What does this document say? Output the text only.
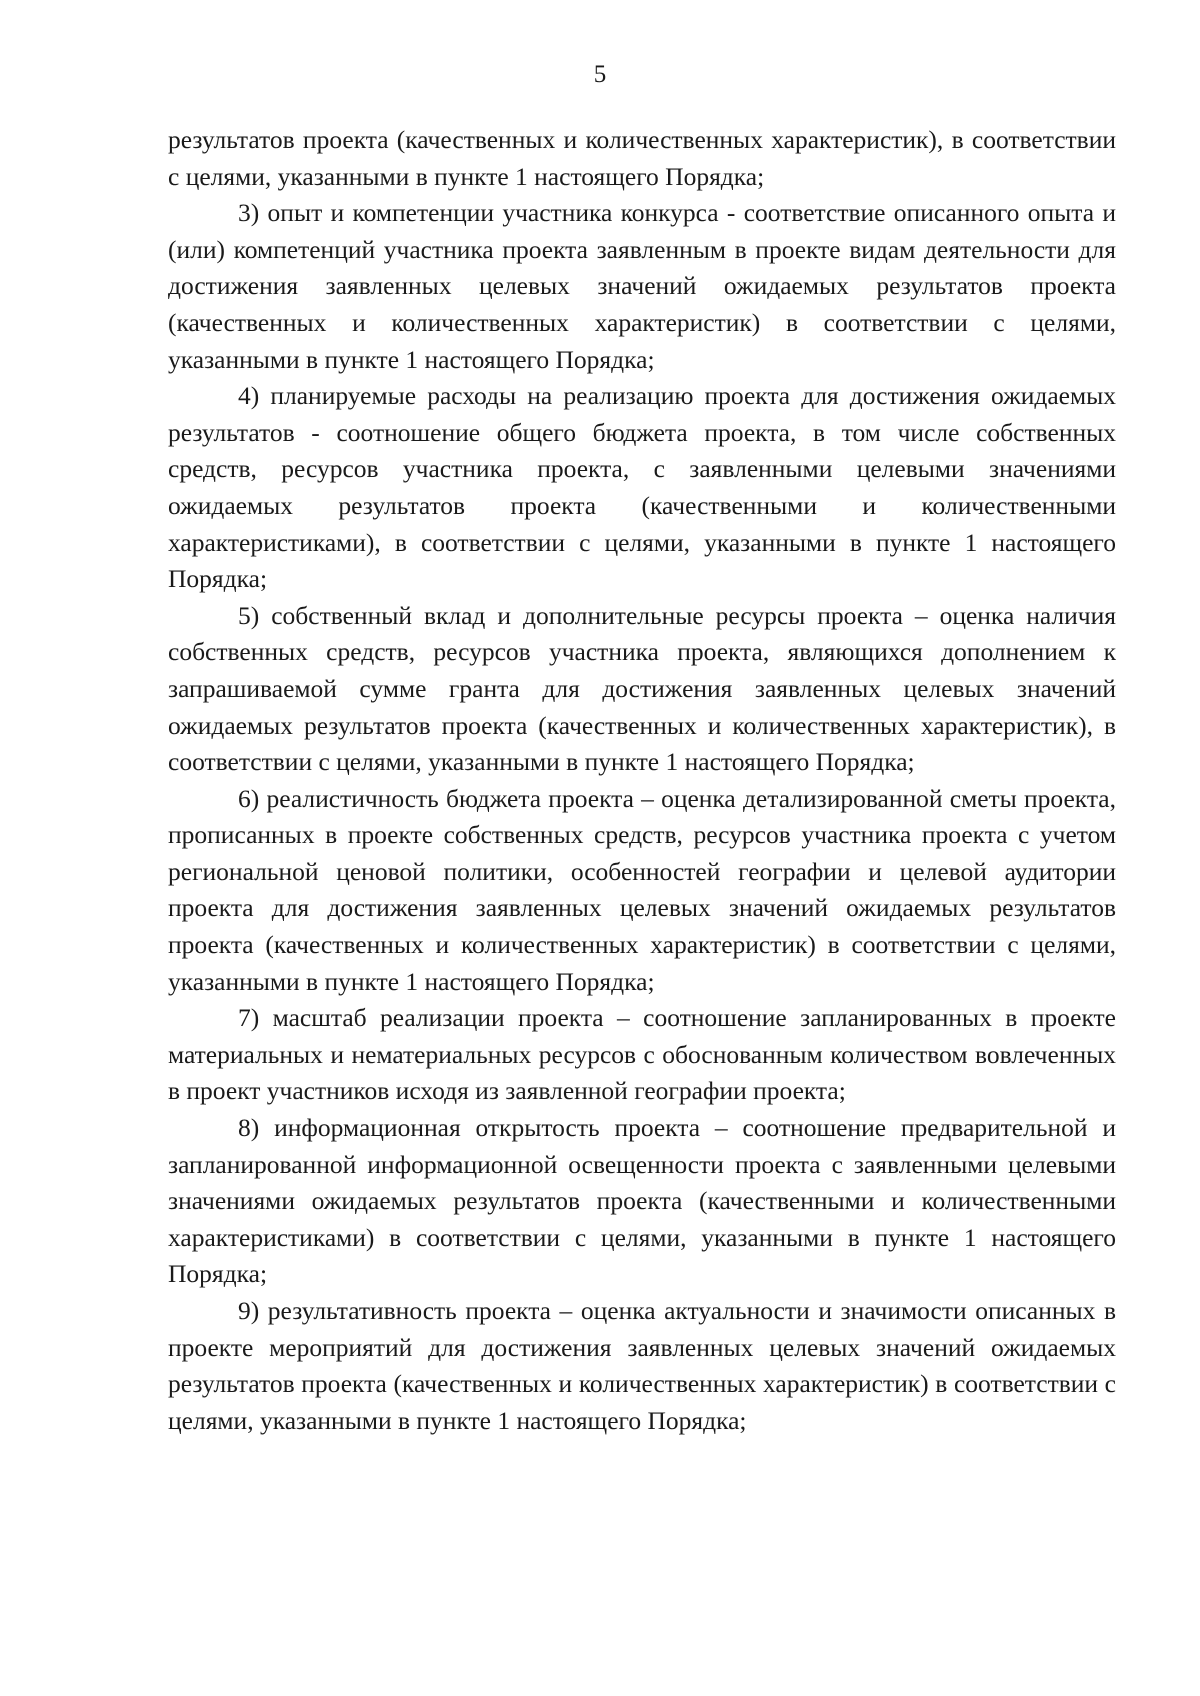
5

результатов проекта (качественных и количественных характеристик), в соответствии с целями, указанными в пункте 1 настоящего Порядка;

3) опыт и компетенции участника конкурса - соответствие описанного опыта и (или) компетенций участника проекта заявленным в проекте видам деятельности для достижения заявленных целевых значений ожидаемых результатов проекта (качественных и количественных характеристик) в соответствии с целями, указанными в пункте 1 настоящего Порядка;

4) планируемые расходы на реализацию проекта для достижения ожидаемых результатов - соотношение общего бюджета проекта, в том числе собственных средств, ресурсов участника проекта, с заявленными целевыми значениями ожидаемых результатов проекта (качественными и количественными характеристиками), в соответствии с целями, указанными в пункте 1 настоящего Порядка;

5) собственный вклад и дополнительные ресурсы проекта – оценка наличия собственных средств, ресурсов участника проекта, являющихся дополнением к запрашиваемой сумме гранта для достижения заявленных целевых значений ожидаемых результатов проекта (качественных и количественных характеристик), в соответствии с целями, указанными в пункте 1 настоящего Порядка;

6) реалистичность бюджета проекта – оценка детализированной сметы проекта, прописанных в проекте собственных средств, ресурсов участника проекта с учетом региональной ценовой политики, особенностей географии и целевой аудитории проекта для достижения заявленных целевых значений ожидаемых результатов проекта (качественных и количественных характеристик) в соответствии с целями, указанными в пункте 1 настоящего Порядка;

7) масштаб реализации проекта – соотношение запланированных в проекте материальных и нематериальных ресурсов с обоснованным количеством вовлеченных в проект участников исходя из заявленной географии проекта;

8) информационная открытость проекта – соотношение предварительной и запланированной информационной освещенности проекта с заявленными целевыми значениями ожидаемых результатов проекта (качественными и количественными характеристиками) в соответствии с целями, указанными в пункте 1 настоящего Порядка;

9) результативность проекта – оценка актуальности и значимости описанных в проекте мероприятий для достижения заявленных целевых значений ожидаемых результатов проекта (качественных и количественных характеристик) в соответствии с целями, указанными в пункте 1 настоящего Порядка;
